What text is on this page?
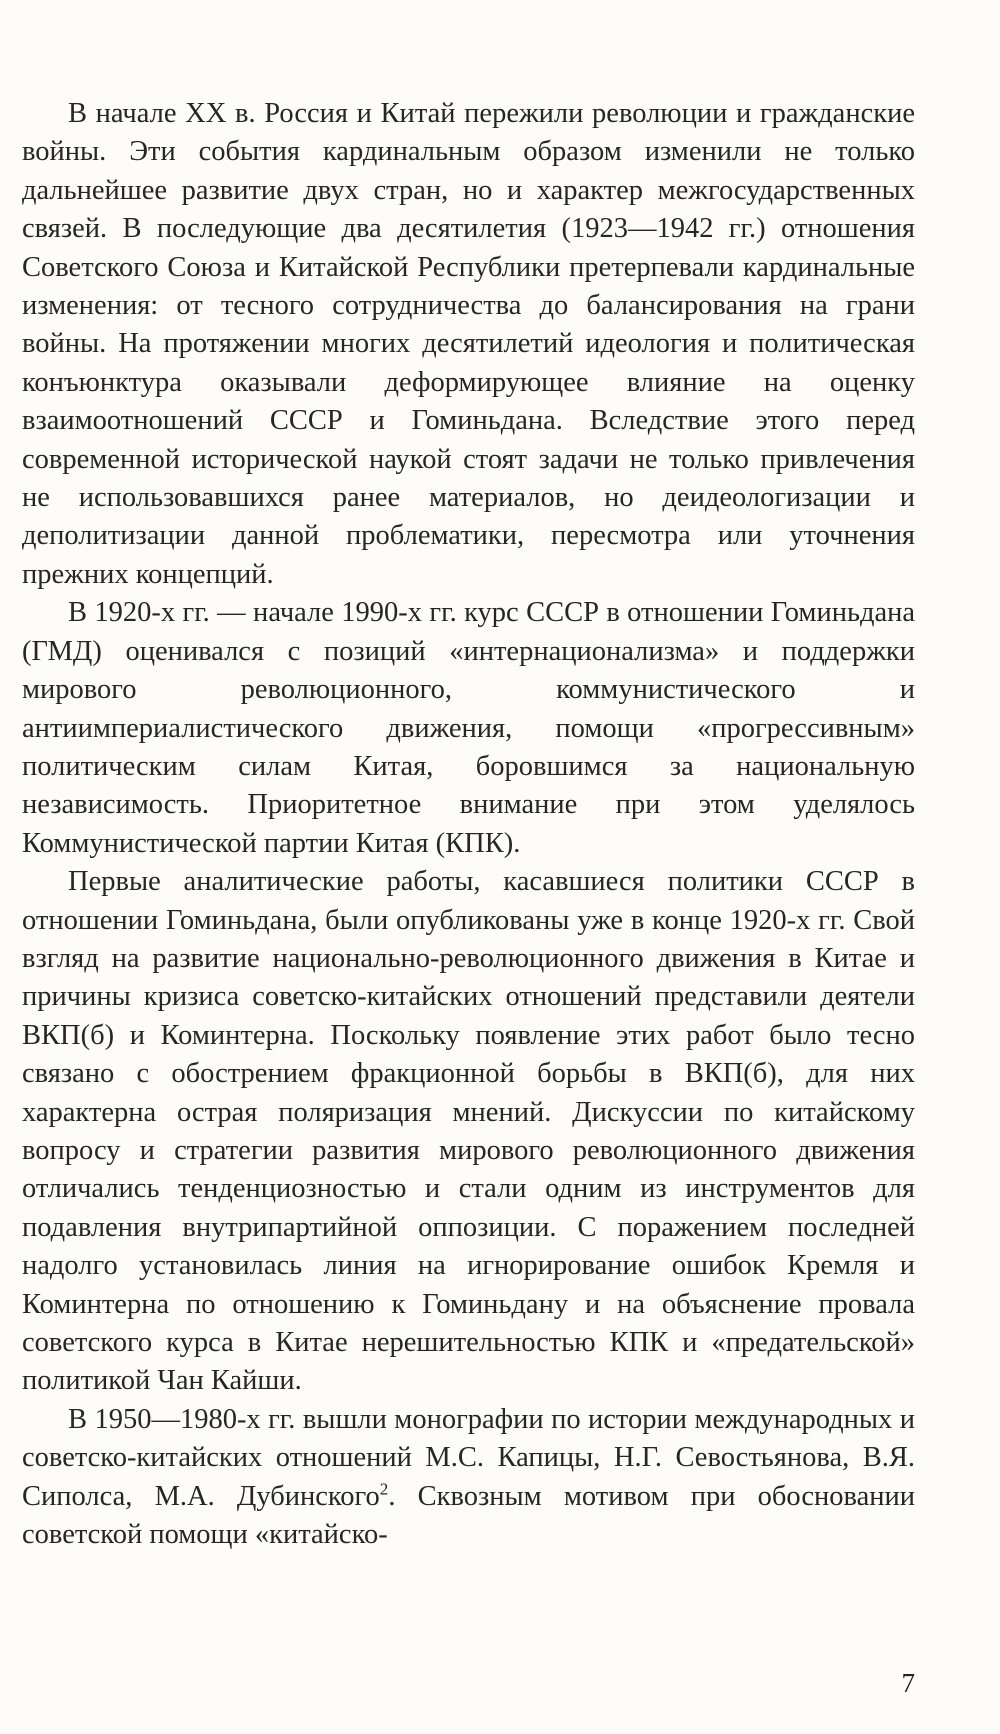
В начале XX в. Россия и Китай пережили революции и гражданские войны. Эти события кардинальным образом изменили не только дальнейшее развитие двух стран, но и характер межгосударственных связей. В последующие два десятилетия (1923—1942 гг.) отношения Советского Союза и Китайской Республики претерпевали кардинальные изменения: от тесного сотрудничества до балансирования на грани войны. На протяжении многих десятилетий идеология и политическая конъюнктура оказывали деформирующее влияние на оценку взаимоотношений СССР и Гоминьдана. Вследствие этого перед современной исторической наукой стоят задачи не только привлечения не использовавшихся ранее материалов, но деидеологизации и деполитизации данной проблематики, пересмотра или уточнения прежних концепций.

В 1920-х гг. — начале 1990-х гг. курс СССР в отношении Гоминьдана (ГМД) оценивался с позиций «интернационализма» и поддержки мирового революционного, коммунистического и антиимпериалистического движения, помощи «прогрессивным» политическим силам Китая, боровшимся за национальную независимость. Приоритетное внимание при этом уделялось Коммунистической партии Китая (КПК).

Первые аналитические работы, касавшиеся политики СССР в отношении Гоминьдана, были опубликованы уже в конце 1920-х гг. Свой взгляд на развитие национально-революционного движения в Китае и причины кризиса советско-китайских отношений представили деятели ВКП(б) и Коминтерна. Поскольку появление этих работ было тесно связано с обострением фракционной борьбы в ВКП(б), для них характерна острая поляризация мнений. Дискуссии по китайскому вопросу и стратегии развития мирового революционного движения отличались тенденциозностью и стали одним из инструментов для подавления внутрипартийной оппозиции. С поражением последней надолго установилась линия на игнорирование ошибок Кремля и Коминтерна по отношению к Гоминьдану и на объяснение провала советского курса в Китае нерешительностью КПК и «предательской» политикой Чан Кайши.

В 1950—1980-х гг. вышли монографии по истории международных и советско-китайских отношений М.С. Капицы, Н.Г. Севостьянова, В.Я. Сиполса, М.А. Дубинского$^2$. Сквозным мотивом при обосновании советской помощи «китайско-

7
